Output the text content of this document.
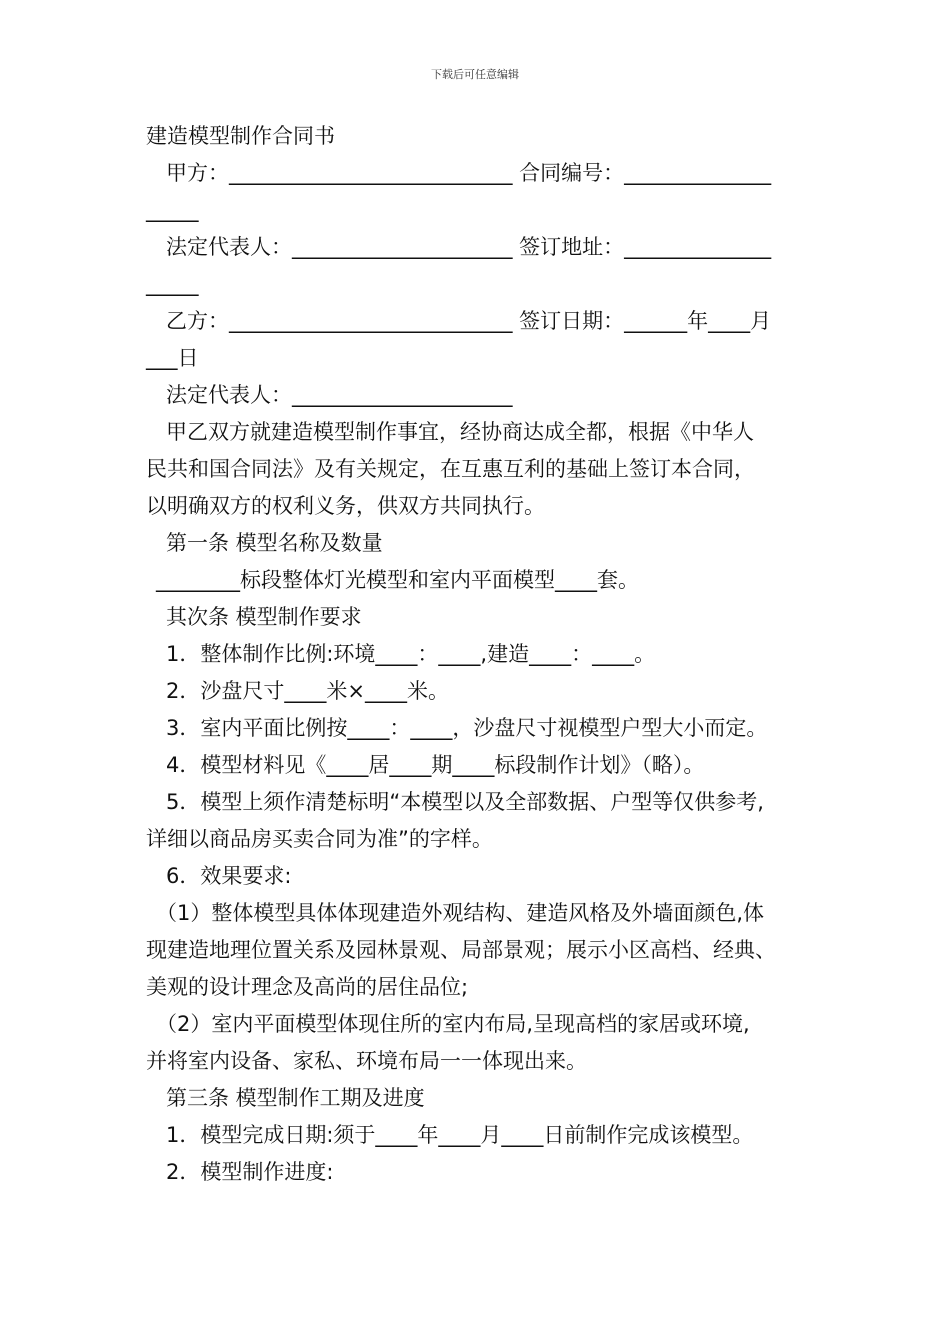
下载后可任意编辑
建造模型制作合同书
甲方：___________________________ 合同编号：______________
_____
法定代表人：_____________________ 签订地址：______________
_____
乙方：___________________________ 签订日期：______年____月
___日
法定代表人：_____________________
甲乙双方就建造模型制作事宜，经协商达成全都，根据《中华人
民共和国合同法》及有关规定，在互惠互利的基础上签订本合同，
以明确双方的权利义务，供双方共同执行。
第一条 模型名称及数量
________标段整体灯光模型和室内平面模型____套。
其次条 模型制作要求
1．整体制作比例:环境____：____,建造____：____。
2．沙盘尺寸____米×____米。
3．室内平面比例按____：____，沙盘尺寸视模型户型大小而定。
4．模型材料见《____居____期____标段制作计划》（略）。
5．模型上须作清楚标明“本模型以及全部数据、户型等仅供参考,
详细以商品房买卖合同为准”的字样。
6．效果要求:
（1）整体模型具体体现建造外观结构、建造风格及外墙面颜色,体
现建造地理位置关系及园林景观、局部景观；展示小区高档、经典、
美观的设计理念及高尚的居住品位;
（2）室内平面模型体现住所的室内布局,呈现高档的家居或环境,
并将室内设备、家私、环境布局一一体现出来。
第三条 模型制作工期及进度
1．模型完成日期:须于____年____月____日前制作完成该模型。
2．模型制作进度:
